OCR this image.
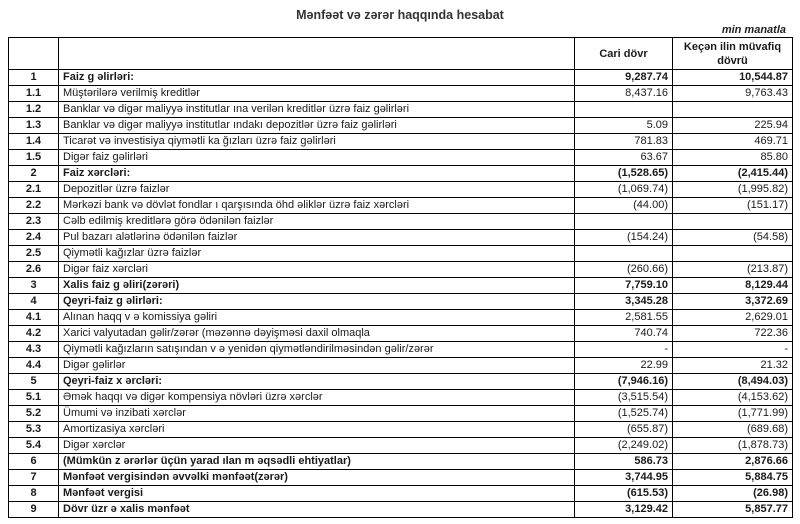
Mənfəət və zərər haqqında hesabat
min manatla
		Cari dövr	Keçən ilin müvafiq dövrü
1	Faiz g əlirləri:	9,287.74	10,544.87
1.1	Müştərilərə verilmiş kreditlər	8,437.16	9,763.43
1.2	Banklar və digər maliyyə institutlar ına verilən kreditlər üzrə faiz gəlirləri		
1.3	Banklar və digər maliyyə institutlar ındakı depozitlər üzrə faiz gəlirləri	5.09	225.94
1.4	Ticarət və investisiya qiymətli ka ğızları üzrə faiz gəlirləri	781.83	469.71
1.5	Digər faiz gəlirləri	63.67	85.80
2	Faiz xərcləri:	(1,528.65)	(2,415.44)
2.1	Depozitlər üzrə faizlər	(1,069.74)	(1,995.82)
2.2	Mərkəzi bank və dövlət fondlar ı qarşısında öhd əliklər üzrə faiz xərcləri	(44.00)	(151.17)
2.3	Cəlb edilmiş kreditlərə görə ödənilən faizlər		
2.4	Pul bazarı alətlərinə ödənilən faizlər	(154.24)	(54.58)
2.5	Qiymətli kağızlar üzrə faizlər		
2.6	Digər faiz xərcləri	(260.66)	(213.87)
3	Xalis faiz g əliri(zərəri)	7,759.10	8,129.44
4	Qeyri-faiz g əlirləri:	3,345.28	3,372.69
4.1	Alınan haqq v ə komissiya gəliri	2,581.55	2,629.01
4.2	Xarici valyutadan gəlir/zərər (məzənnə dəyişməsi daxil olmaqla	740.74	722.36
4.3	Qiymətli kağızların satışından v ə yenidən qiymətləndirilməsindən gəlir/zərər	-	-
4.4	Digər gəlirlər	22.99	21.32
5	Qeyri-faiz x ərcləri:	(7,946.16)	(8,494.03)
5.1	Əmək haqqı və digər kompensiya növləri üzrə xərclər	(3,515.54)	(4,153.62)
5.2	Ümumi və inzibati xərclər	(1,525.74)	(1,771.99)
5.3	Amortizasiya xərcləri	(655.87)	(689.68)
5.4	Digər xərclər	(2,249.02)	(1,878.73)
6	(Mümkün z ərərlər üçün yarad ılan m əqsədli ehtiyatlar)	586.73	2,876.66
7	Mənfəət vergisindən əvvəlki mənfəət(zərər)	3,744.95	5,884.75
8	Mənfəət vergisi	(615.53)	(26.98)
9	Dövr üzr ə xalis mənfəət	3,129.42	5,857.77
